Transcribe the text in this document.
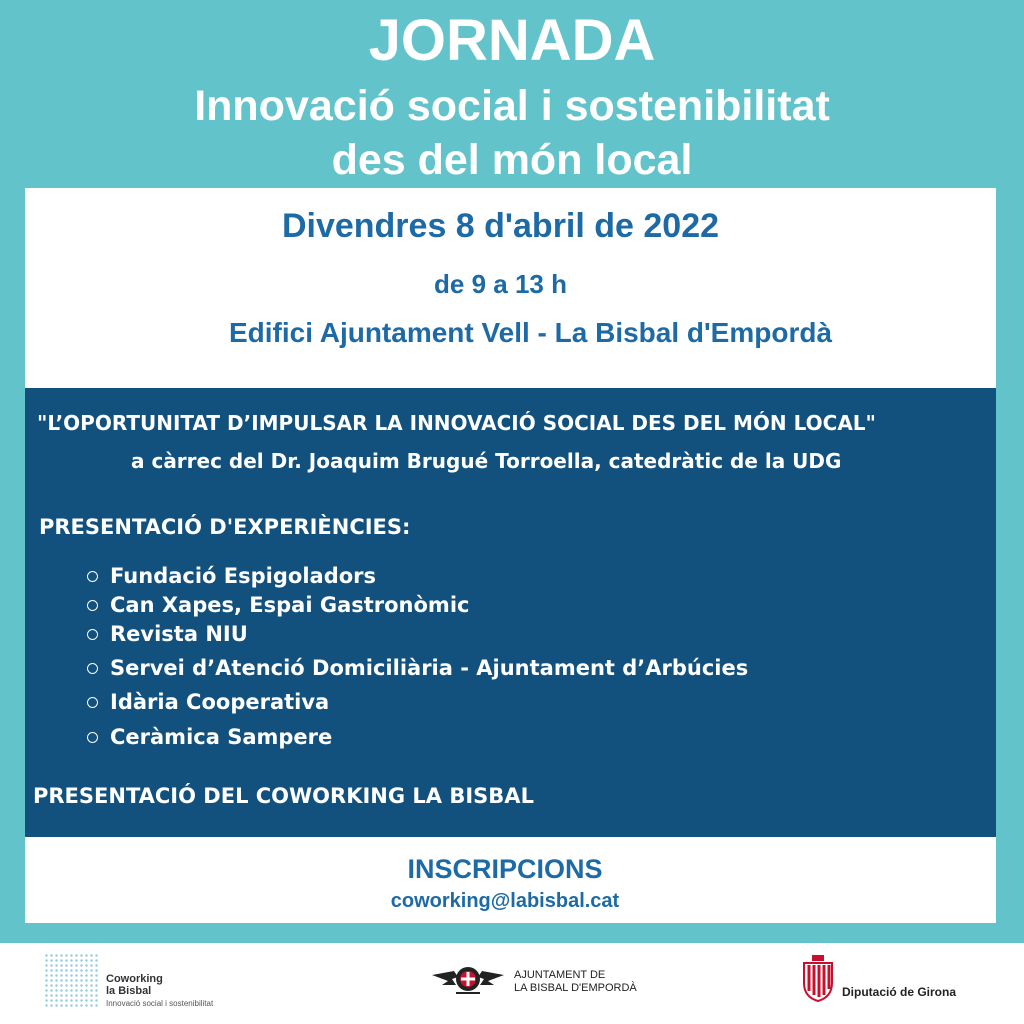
JORNADA
Innovació social i sostenibilitat
des del món local
Divendres 8 d'abril de 2022
de 9 a 13 h
Edifici Ajuntament Vell - La Bisbal d'Empordà
"L’OPORTUNITAT D’IMPULSAR LA INNOVACIÓ SOCIAL DES DEL MÓN LOCAL"
a càrrec del Dr. Joaquim Brugué Torroella, catedràtic de la UDG
PRESENTACIÓ D'EXPERIÈNCIES:
Fundació Espigoladors
Can Xapes, Espai Gastronòmic
Revista NIU
Servei d’Atenció Domiciliària - Ajuntament d’Arbúcies
Idària Cooperativa
Ceràmica Sampere
PRESENTACIÓ DEL COWORKING LA BISBAL
INSCRIPCIONS
coworking@labisbal.cat
Coworking
la Bisbal
Innovació social i sostenibilitat
AJUNTAMENT DE
LA BISBAL D'EMPORDÀ	Diputació de Girona
